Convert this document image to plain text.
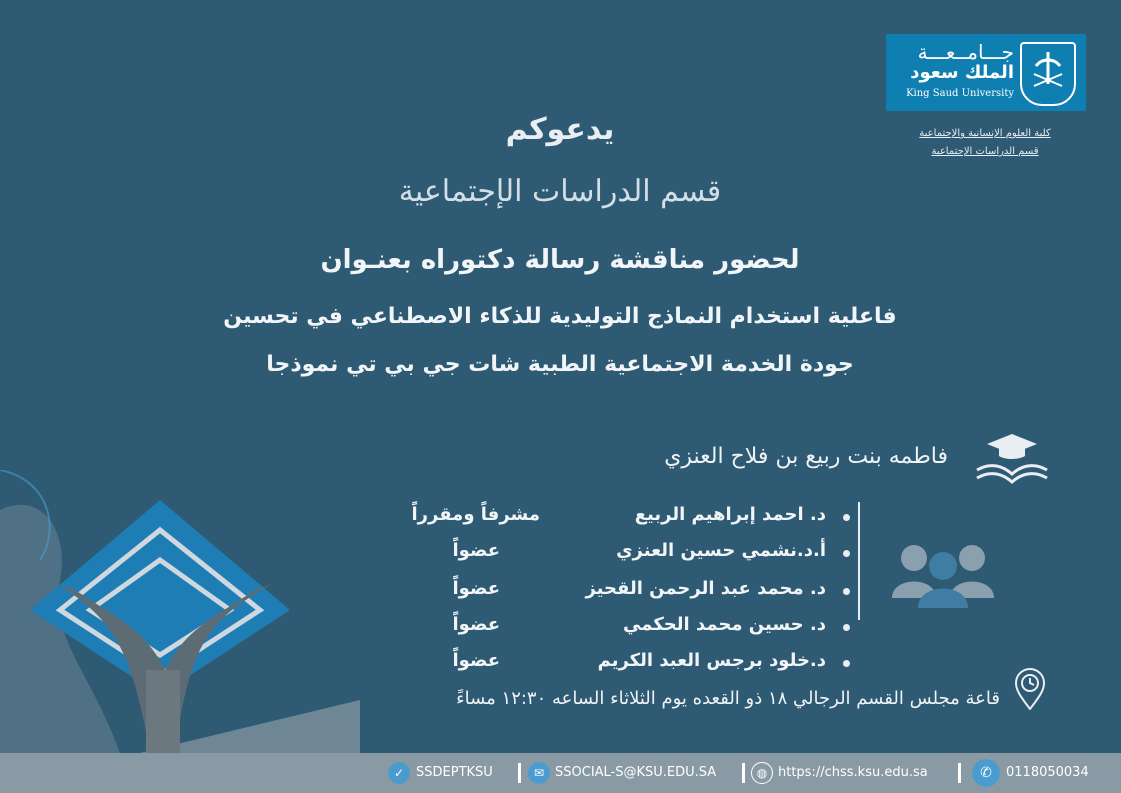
جـــامــعـــة
الملك سعود
King Saud University
كلية العلوم الإنسانية والإجتماعية
قسم الدراسات الإجتماعية
يدعوكم
قسم الدراسات الإجتماعية
لحضور مناقشة رسالة دكتوراه بعنـوان
فاعلية استخدام النماذج التوليدية للذكاء الاصطناعي في تحسين
جودة الخدمة الاجتماعية الطبية شات جي بي تي نموذجا
فاطمه بنت ربيع بن فلاح العنزي
د. احمد إبراهيم الربيع
مشرفاً ومقرراً
أ.د.نشمي حسين العنزي
عضواً
د. محمد عبد الرحمن القحيز
عضواً
د. حسين محمد الحكمي
عضواً
د.خلود برجس العبد الكريم
عضواً
قاعة مجلس القسم الرجالي ١٨ ذو القعده يوم الثلاثاء الساعه ١٢:٣٠ مساءً
✓ SSDEPTKSU	✉ SSOCIAL-S@KSU.EDU.SA	◍ https://chss.ksu.edu.sa	✆	0118050034
